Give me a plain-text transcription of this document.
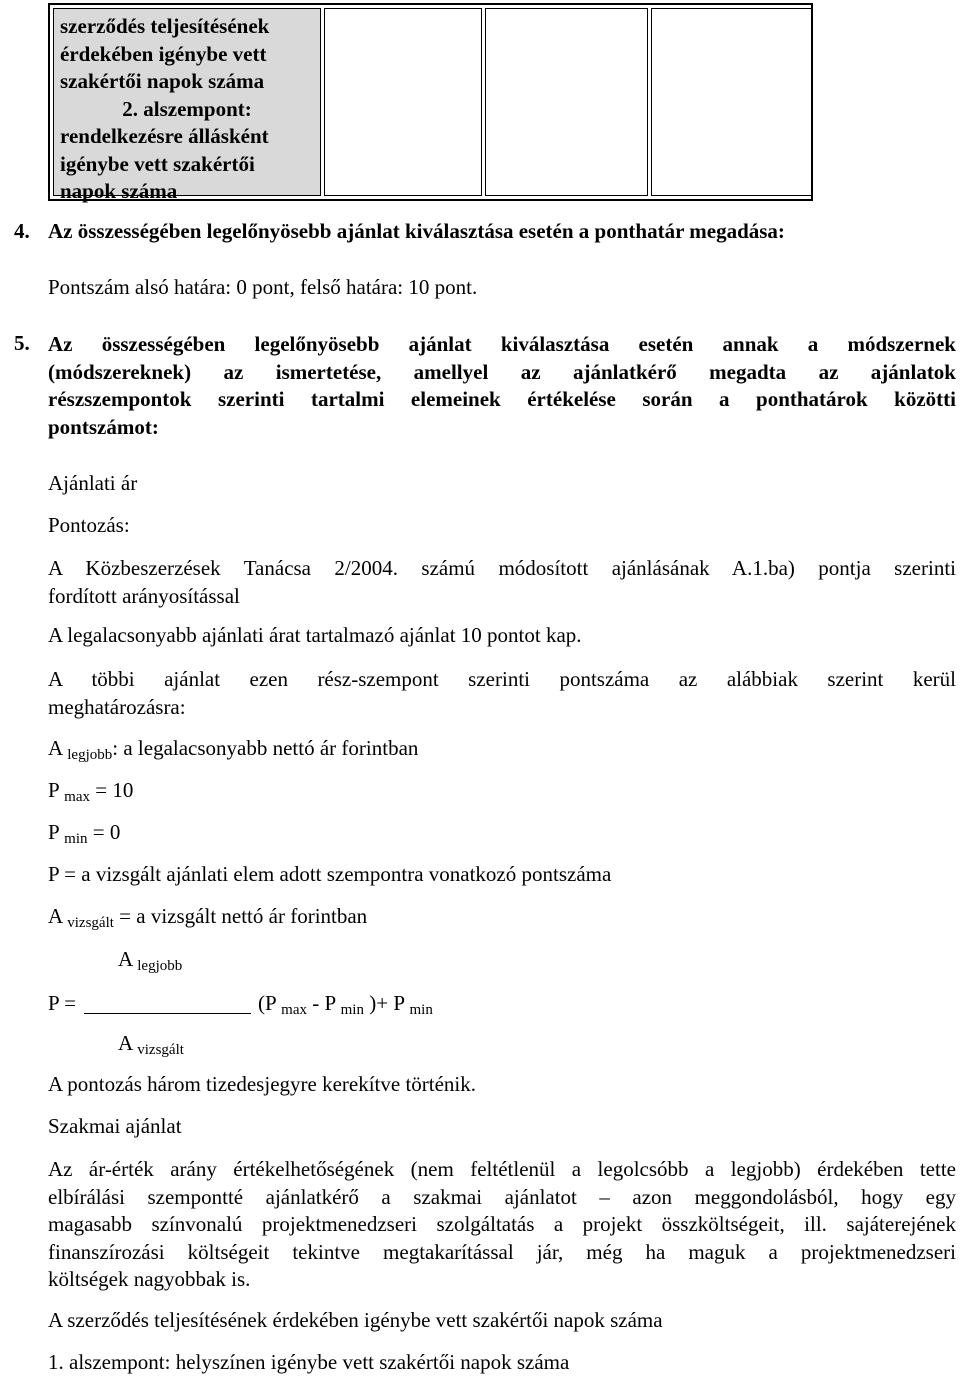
szerződés teljesítésének
érdekében igénybe vett
szakértői napok száma
2. alszempont:
rendelkezésre állásként
igénybe vett szakértői
napok száma
4. Az összességében legelőnyösebb ajánlat kiválasztása esetén a ponthatár megadása:
Pontszám alsó határa: 0 pont, felső határa: 10 pont.
5. Az összességében legelőnyösebb ajánlat kiválasztása esetén annak a módszernek
(módszereknek) az ismertetése, amellyel az ajánlatkérő megadta az ajánlatok
részszempontok szerinti tartalmi elemeinek értékelése során a ponthatárok közötti
pontszámot:
Ajánlati ár
Pontozás:
A Közbeszerzések Tanácsa 2/2004. számú módosított ajánlásának A.1.ba) pontja szerinti
fordított arányosítással
A legalacsonyabb ajánlati árat tartalmazó ajánlat 10 pontot kap.
A többi ajánlat ezen rész-szempont szerinti pontszáma az alábbiak szerint kerül
meghatározásra:
A $_{legjobb}$: a legalacsonyabb nettó ár forintban
P $_{max}$ = 10
P $_{min}$ = 0
P = a vizsgált ajánlati elem adott szempontra vonatkozó pontszáma
A $_{vizsgált}$ = a vizsgált nettó ár forintban
A $_{legjobb}$
P =	(P $_{max}$ - P $_{min}$ )+ P $_{min}$
A $_{vizsgált}$
A pontozás három tizedesjegyre kerekítve történik.
Szakmai ajánlat
Az ár-érték arány értékelhetőségének (nem feltétlenül a legolcsóbb a legjobb) érdekében tette
elbírálási szempontté ajánlatkérő a szakmai ajánlatot – azon meggondolásból, hogy egy
magasabb színvonalú projektmenedzseri szolgáltatás a projekt összköltségeit, ill. sajáterejének
finanszírozási költségeit tekintve megtakarítással jár, még ha maguk a projektmenedzseri
költségek nagyobbak is.
A szerződés teljesítésének érdekében igénybe vett szakértői napok száma
1. alszempont: helyszínen igénybe vett szakértői napok száma
